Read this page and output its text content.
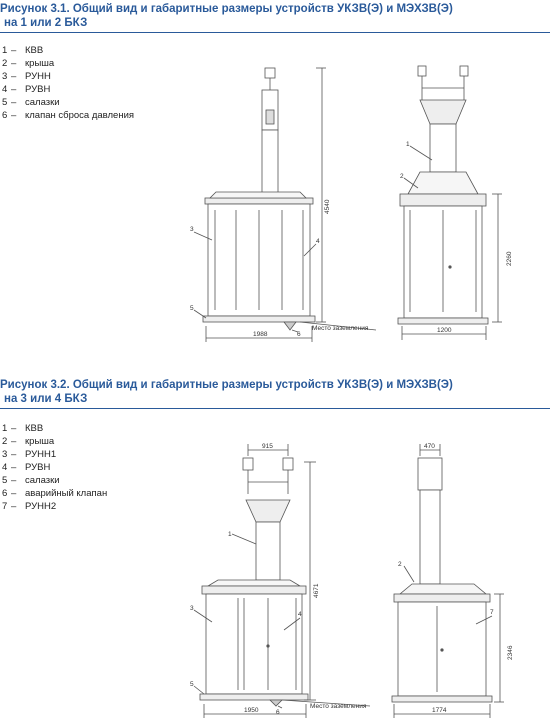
Рисунок 3.1. Общий вид и габаритные размеры устройств УКЗВ(Э) и МЭХЗВ(Э)
на 1 или 2 БКЗ
1 – КВВ
2 – крыша
3 – РУНН
4 – РУВН
5 – салазки
6 – клапан сброса давления
4540
1988
Место заземления	1200
2260
3
4
5
6
1
2
Рисунок 3.2. Общий вид и габаритные размеры устройств УКЗВ(Э) и МЭХЗВ(Э)
на 3 или 4 БКЗ
1 – КВВ
2 – крыша
3 – РУНН1
4 – РУВН
5 – салазки
6 – аварийный клапан
7 – РУНН2
915	470
4671
1950
Место заземления
1774
2346
1
2
3
4
5
6
7
